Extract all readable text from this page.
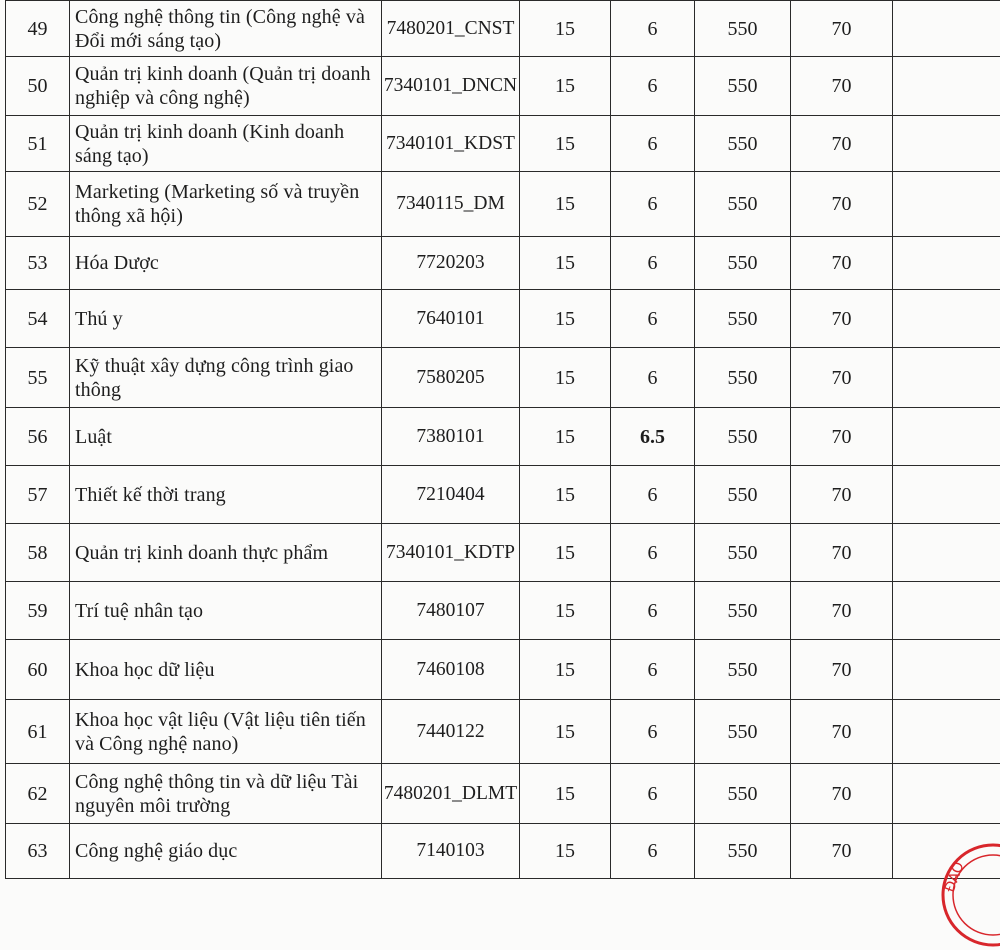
49	Công nghệ thông tin (Công nghệ và Đổi mới sáng tạo)	7480201_CNST	15	6	550	70	
50	Quản trị kinh doanh (Quản trị doanh nghiệp và công nghệ)	7340101_DNCN	15	6	550	70	
51	Quản trị kinh doanh (Kinh doanh sáng tạo)	7340101_KDST	15	6	550	70	
52	Marketing (Marketing số và truyền thông xã hội)	7340115_DM	15	6	550	70	
53	Hóa Dược	7720203	15	6	550	70	
54	Thú y	7640101	15	6	550	70	
55	Kỹ thuật xây dựng công trình giao thông	7580205	15	6	550	70	
56	Luật	7380101	15	6.5	550	70	
57	Thiết kế thời trang	7210404	15	6	550	70	
58	Quản trị kinh doanh thực phẩm	7340101_KDTP	15	6	550	70	
59	Trí tuệ nhân tạo	7480107	15	6	550	70	
60	Khoa học dữ liệu	7460108	15	6	550	70	
61	Khoa học vật liệu (Vật liệu tiên tiến và Công nghệ nano)	7440122	15	6	550	70	
62	Công nghệ thông tin và dữ liệu Tài nguyên môi trường	7480201_DLMT	15	6	550	70	
63	Công nghệ giáo dục	7140103	15	6	550	70	
ĐÀO
